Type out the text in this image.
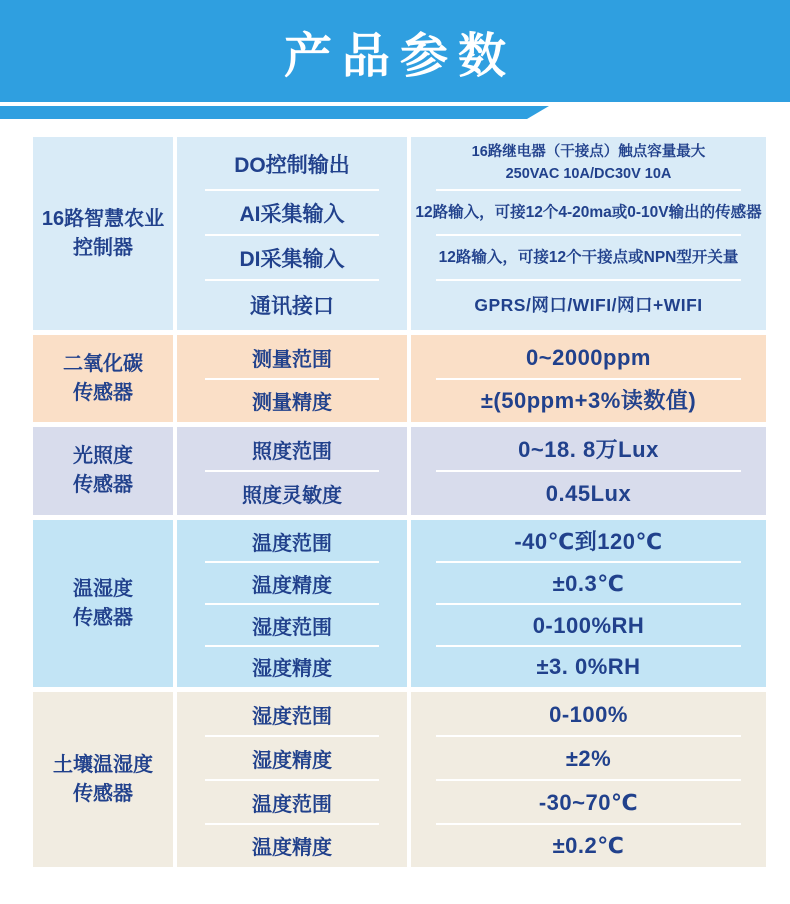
产品参数
16路智慧农业
控制器
DO控制输出
AI采集输入
DI采集输入
通讯接口
16路继电器（干接点）触点容量最大
250VAC 10A/DC30V 10A
12路输入，可接12个4-20ma或0-10V输出的传感器
12路输入，可接12个干接点或NPN型开关量
GPRS/网口/WIFI/网口+WIFI
二氧化碳
传感器
测量范围
测量精度
0~2000ppm
±(50ppm+3%读数值)
光照度
传感器
照度范围
照度灵敏度
0~18. 8万Lux
0.45Lux
温湿度
传感器
温度范围
温度精度
湿度范围
湿度精度
-40℃到120℃
±0.3℃
0-100%RH
±3. 0%RH
土壤温湿度
传感器
湿度范围
湿度精度
温度范围
温度精度
0-100%
±2%
-30~70℃
±0.2℃
